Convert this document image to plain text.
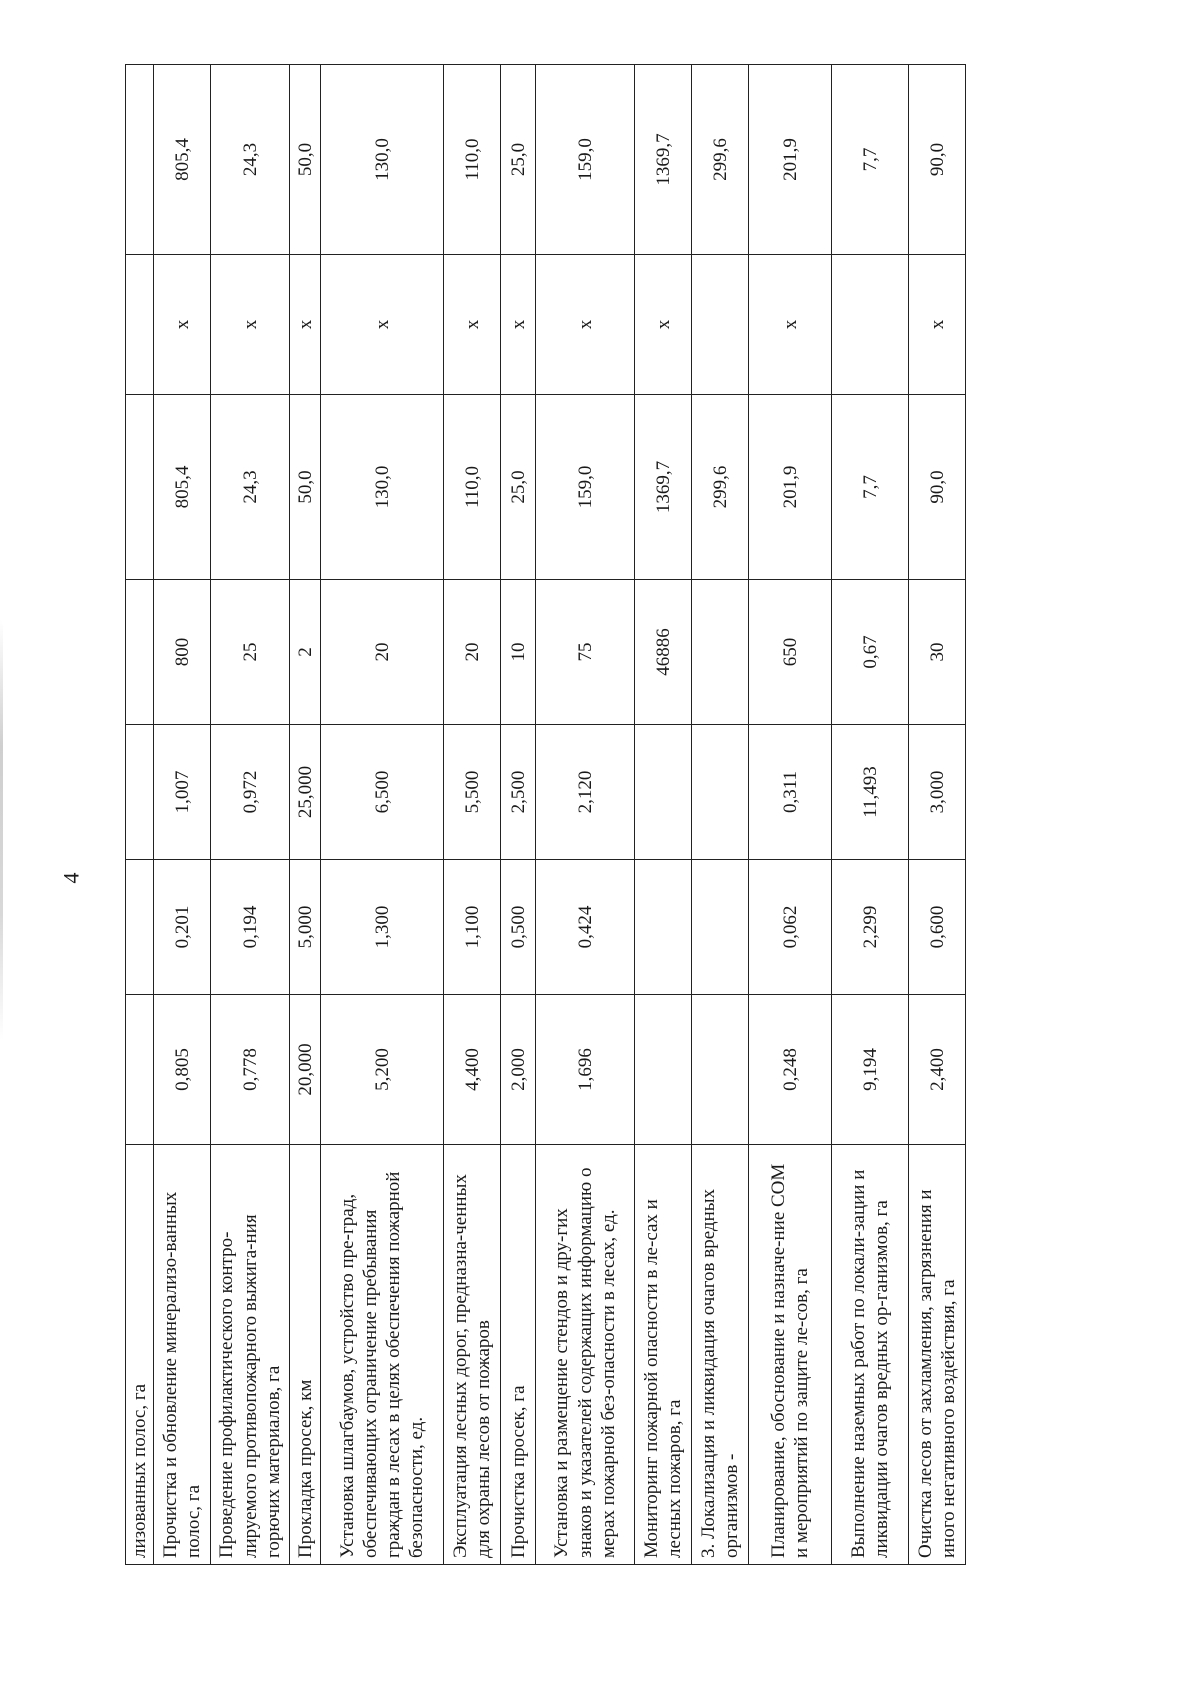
4
лизованных полос, га							
Прочистка и обновление минерализо-ванных полос, га	0,805	0,201	1,007	800	805,4	х	805,4
Проведение профилактического контро-лируемого противопожарного выжига-ния горючих материалов, га	0,778	0,194	0,972	25	24,3	х	24,3
Прокладка просек, км	20,000	5,000	25,000	2	50,0	х	50,0
Установка шлагбаумов, устройство пре-град, обеспечивающих ограничение пребывания граждан в лесах в целях обеспечения пожарной безопасности, ед.	5,200	1,300	6,500	20	130,0	х	130,0
Эксплуатация лесных дорог, предназна-ченных для охраны лесов от пожаров	4,400	1,100	5,500	20	110,0	х	110,0
Прочистка просек, га	2,000	0,500	2,500	10	25,0	х	25,0
Установка и размещение стендов и дру-гих знаков и указателей содержащих информацию о мерах пожарной без-опасности в лесах, ед.	1,696	0,424	2,120	75	159,0	х	159,0
Мониторинг пожарной опасности в ле-сах и лесных пожаров, га				46886	1369,7	х	1369,7
3. Локализация и ликвидация очагов вредных организмов -					299,6		299,6
Планирование, обоснование и назначе-ние СОМ и мероприятий по защите ле-сов, га	0,248	0,062	0,311	650	201,9	х	201,9
Выполнение наземных работ по локали-зации и ликвидации очагов вредных ор-ганизмов, га	9,194	2,299	11,493	0,67	7,7		7,7
Очистка лесов от захламления, загрязнения и иного негативного воздействия, га	2,400	0,600	3,000	30	90,0	х	90,0
